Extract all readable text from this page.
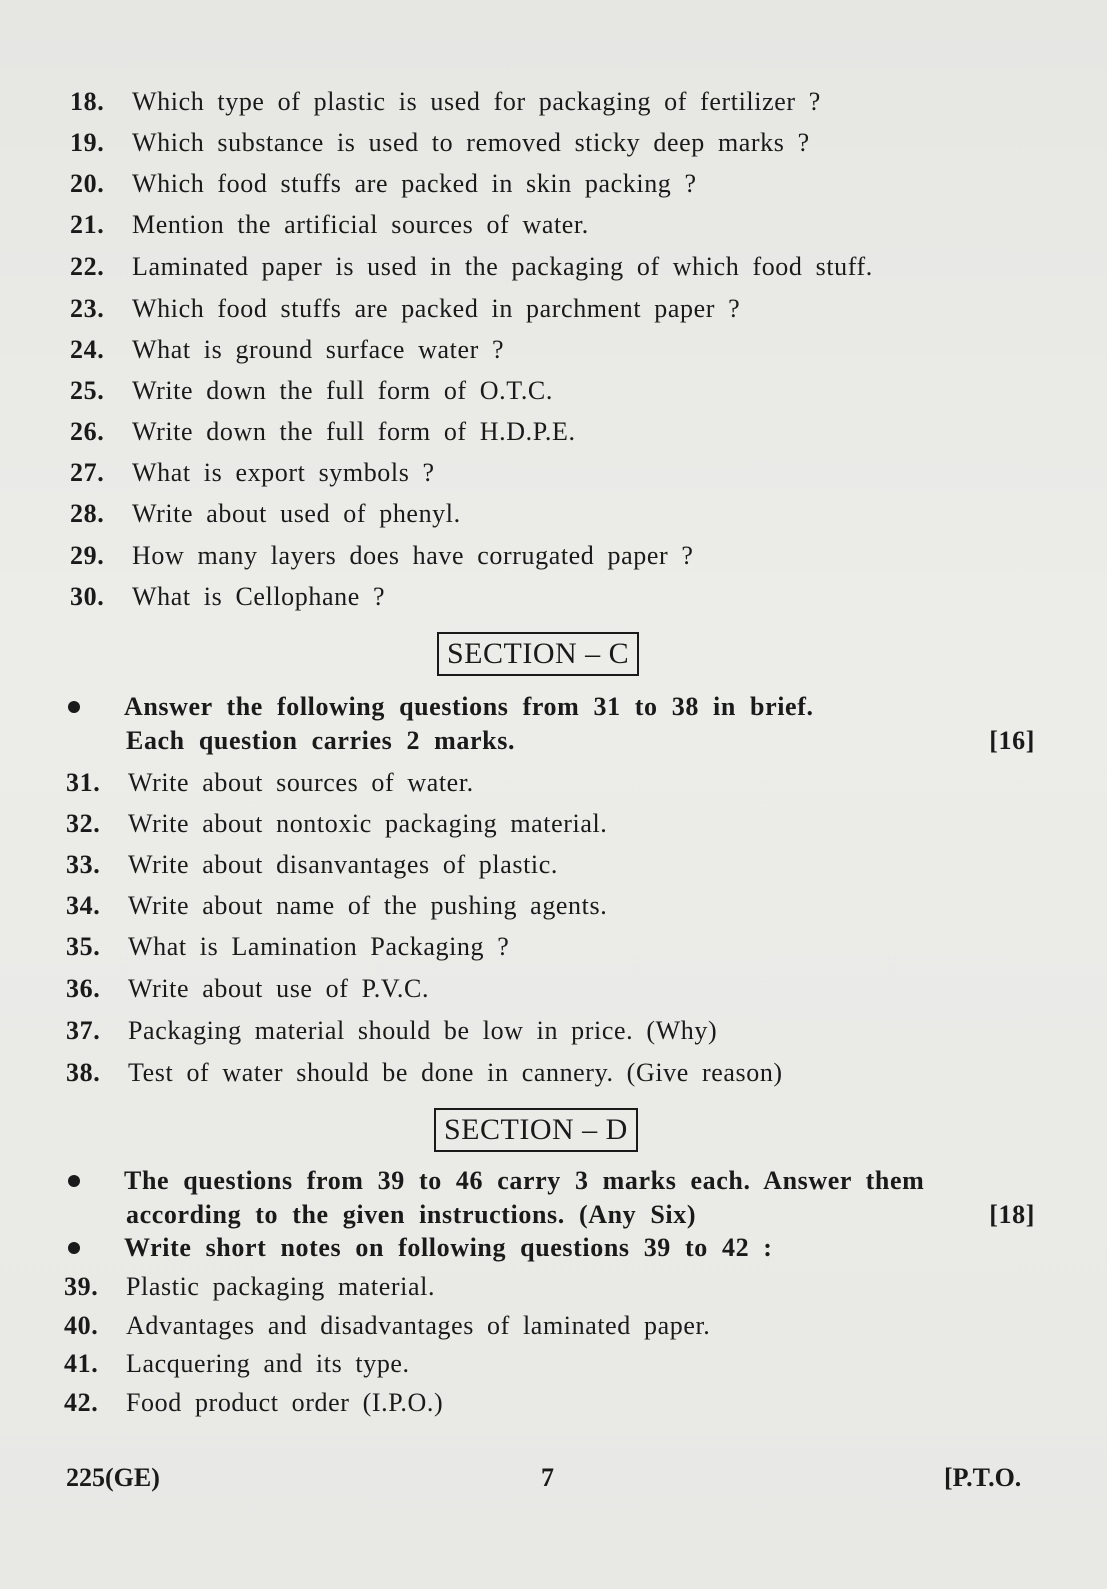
18. Which type of plastic is used for packaging of fertilizer ?
19. Which substance is used to removed sticky deep marks ?
20. Which food stuffs are packed in skin packing ?
21. Mention the artificial sources of water.
22. Laminated paper is used in the packaging of which food stuff.
23. Which food stuffs are packed in parchment paper ?
24. What is ground surface water ?
25. Write down the full form of O.T.C.
26. Write down the full form of H.D.P.E.
27. What is export symbols ?
28. Write about used of phenyl.
29. How many layers does have corrugated paper ?
30. What is Cellophane ?
SECTION – C
Answer the following questions from 31 to 38 in brief.
Each question carries 2 marks.	[16]
31. Write about sources of water.
32. Write about nontoxic packaging material.
33. Write about disanvantages of plastic.
34. Write about name of the pushing agents.
35. What is Lamination Packaging ?
36. Write about use of P.V.C.
37. Packaging material should be low in price. (Why)
38. Test of water should be done in cannery. (Give reason)
SECTION – D
The questions from 39 to 46 carry 3 marks each. Answer them
according to the given instructions. (Any Six)	[18]
Write short notes on following questions 39 to 42 :
39. Plastic packaging material.
40. Advantages and disadvantages of laminated paper.
41. Lacquering and its type.
42. Food product order (I.P.O.)
225(GE)	7	[P.T.O.
